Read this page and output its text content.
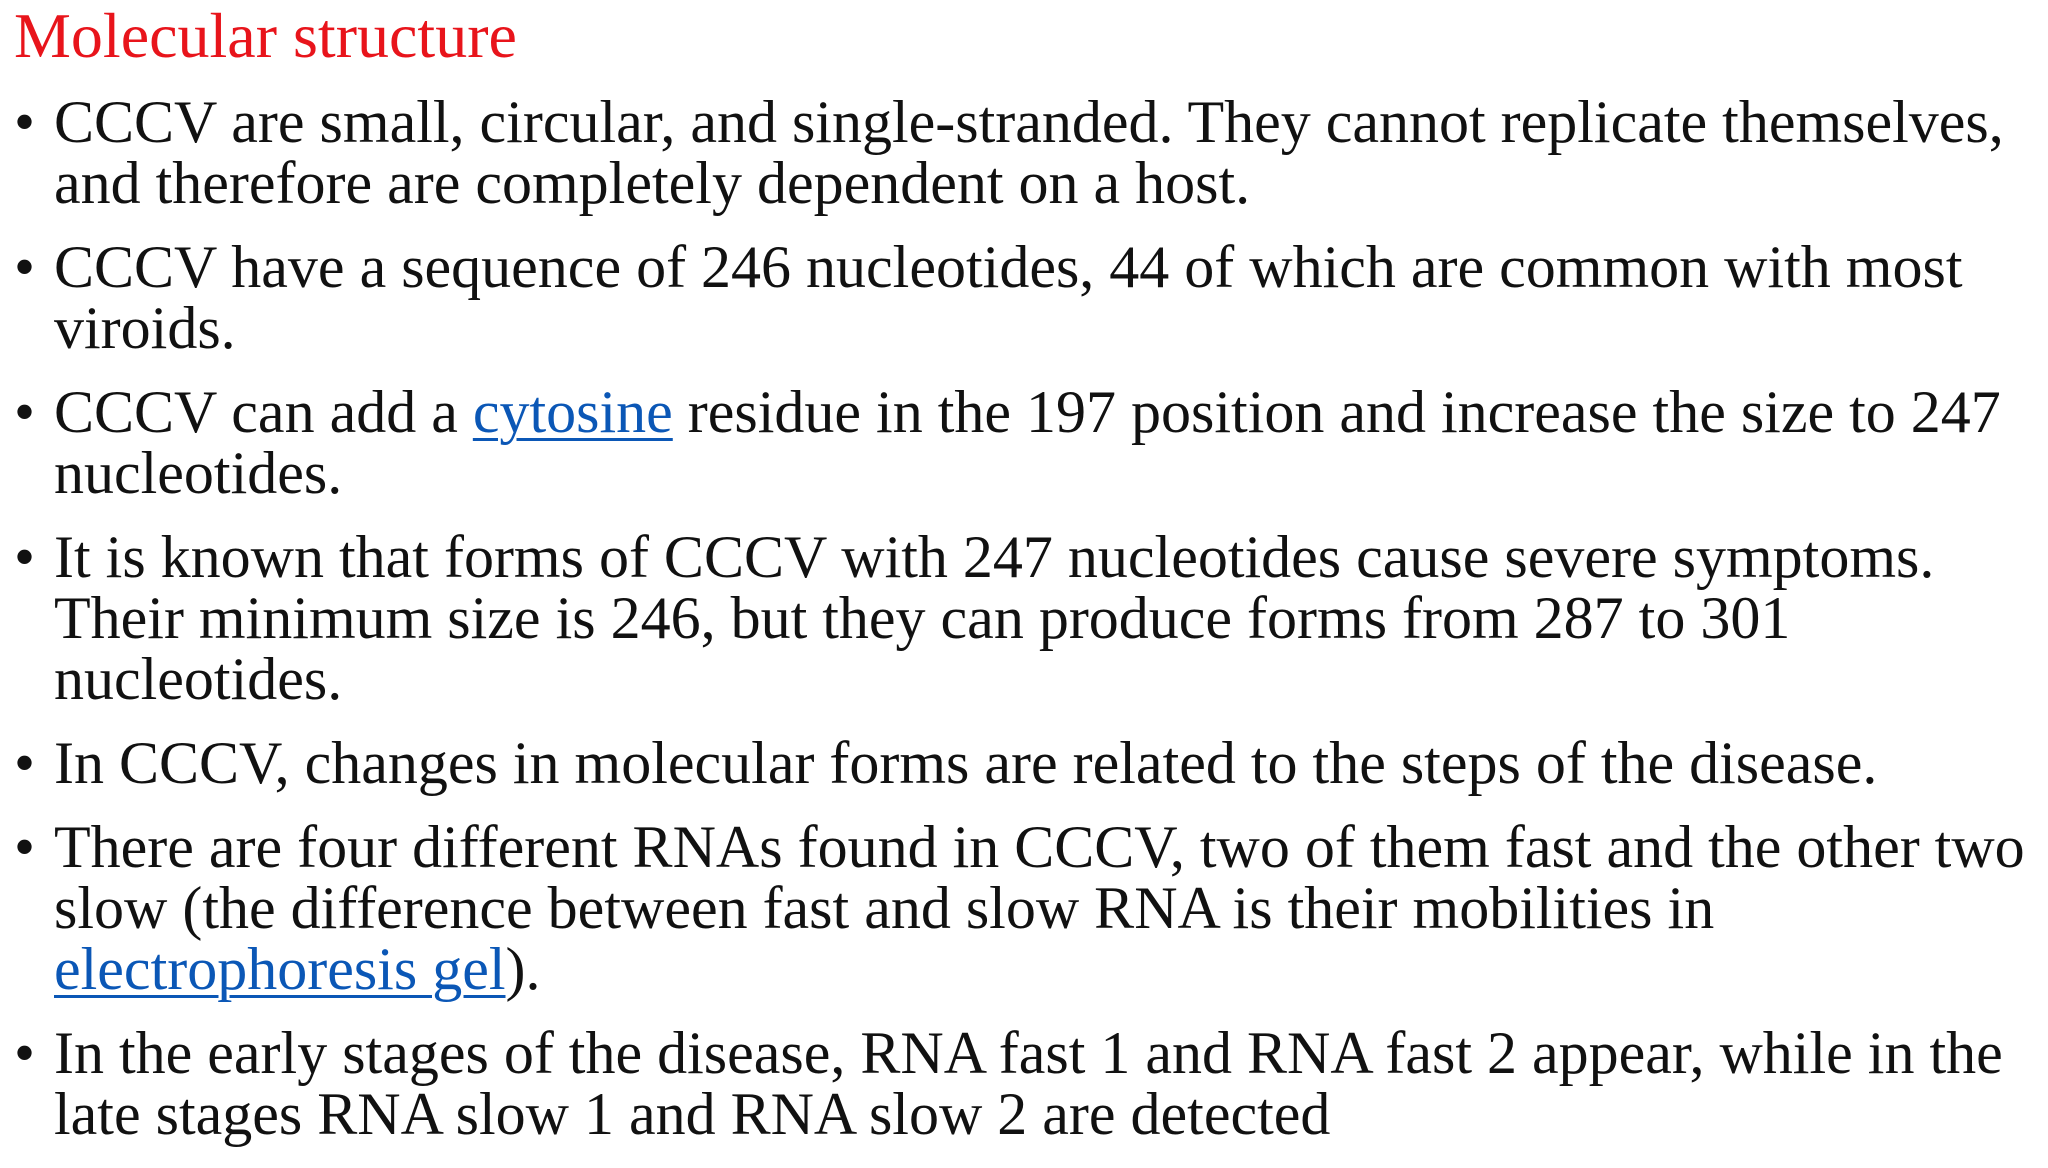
Molecular structure
• CCCV are small, circular, and single-stranded. They cannot replicate themselves, and therefore are completely dependent on a host.
• CCCV have a sequence of 246 nucleotides, 44 of which are common with most viroids.
• CCCV can add a cytosine residue in the 197 position and increase the size to 247 nucleotides.
• It is known that forms of CCCV with 247 nucleotides cause severe symptoms. Their minimum size is 246, but they can produce forms from 287 to 301 nucleotides.
• In CCCV, changes in molecular forms are related to the steps of the disease.
• There are four different RNAs found in CCCV, two of them fast and the other two slow (the difference between fast and slow RNA is their mobilities in electrophoresis gel).
• In the early stages of the disease, RNA fast 1 and RNA fast 2 appear, while in the late stages RNA slow 1 and RNA slow 2 are detected
